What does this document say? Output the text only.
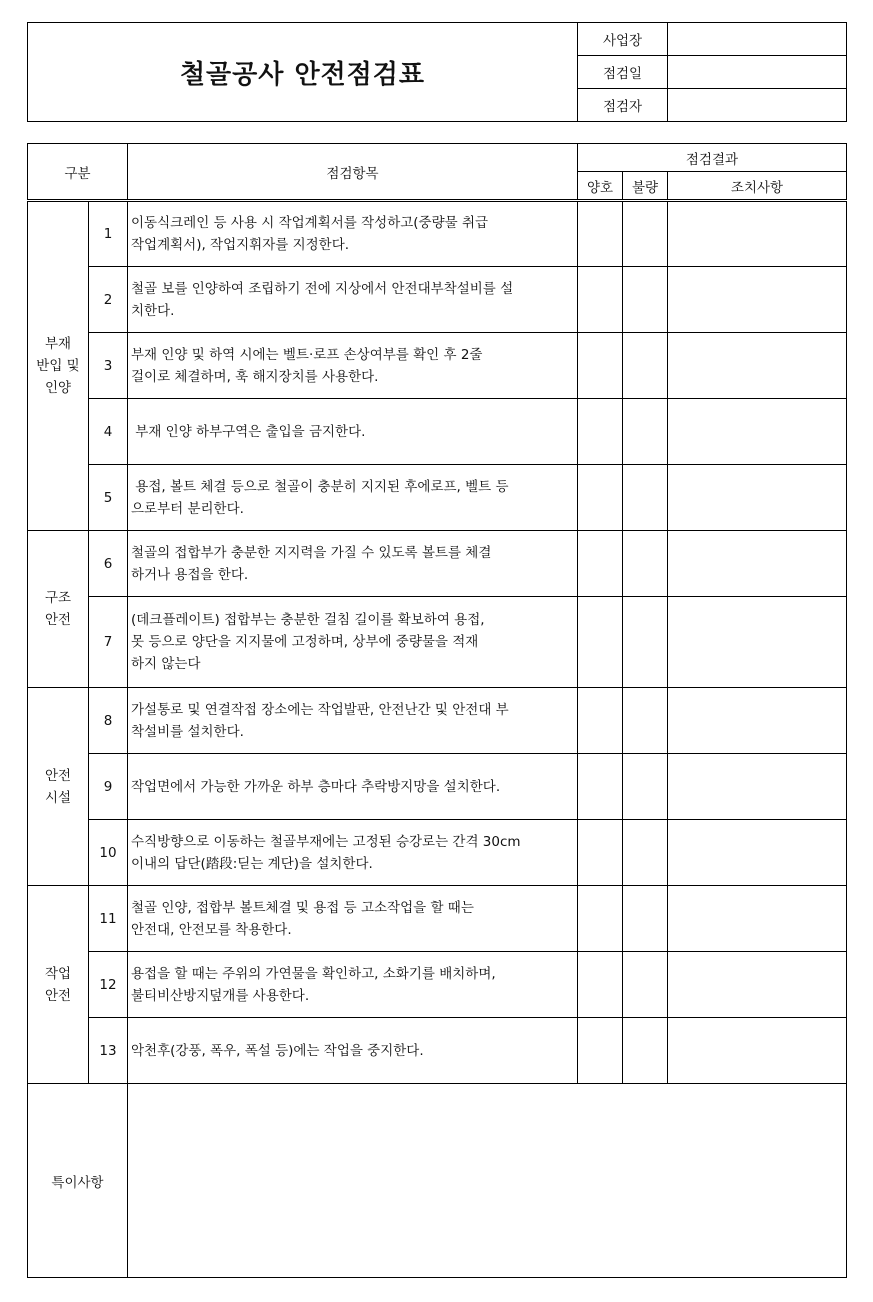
철골공사 안전점검표	사업장	
	점검일	
	점검자	
구분		점검항목	점검결과		
			양호	불량	조치사항
부재
반입 및
인양	1	이동식크레인 등 사용 시 작업계획서를 작성하고(중량물 취급
작업계획서), 작업지휘자를 지정한다.			
	2	철골 보를 인양하여 조립하기 전에 지상에서 안전대부착설비를 설
치한다.			
	3	부재 인양 및 하역 시에는 벨트·로프 손상여부를 확인 후 2줄
걸이로 체결하며, 훅 해지장치를 사용한다.			
	4	부재 인양 하부구역은 출입을 금지한다.			
	5	용접, 볼트 체결 등으로 철골이 충분히 지지된 후에로프, 벨트 등
으로부터 분리한다.			
구조
안전	6	철골의 접합부가 충분한 지지력을 가질 수 있도록 볼트를 체결
하거나 용접을 한다.			
	7	(데크플레이트) 접합부는 충분한 걸침 길이를 확보하여 용접,
못 등으로 양단을 지지물에 고정하며, 상부에 중량물을 적재
하지 않는다			
안전
시설	8	가설통로 및 연결작접 장소에는 작업발판, 안전난간 및 안전대 부
착설비를 설치한다.			
	9	작업면에서 가능한 가까운 하부 층마다 추락방지망을 설치한다.			
	10	수직방향으로 이동하는 철골부재에는 고정된 승강로는 간격 30cm
이내의 답단(踏段:딛는 계단)을 설치한다.			
작업
안전	11	철골 인양, 접합부 볼트체결 및 용접 등 고소작업을 할 때는
안전대, 안전모를 착용한다.			
	12	용접을 할 때는 주위의 가연물을 확인하고, 소화기를 배치하며,
불티비산방지덮개를 사용한다.			
	13	악천후(강풍, 폭우, 폭설 등)에는 작업을 중지한다.			
특이사항					
